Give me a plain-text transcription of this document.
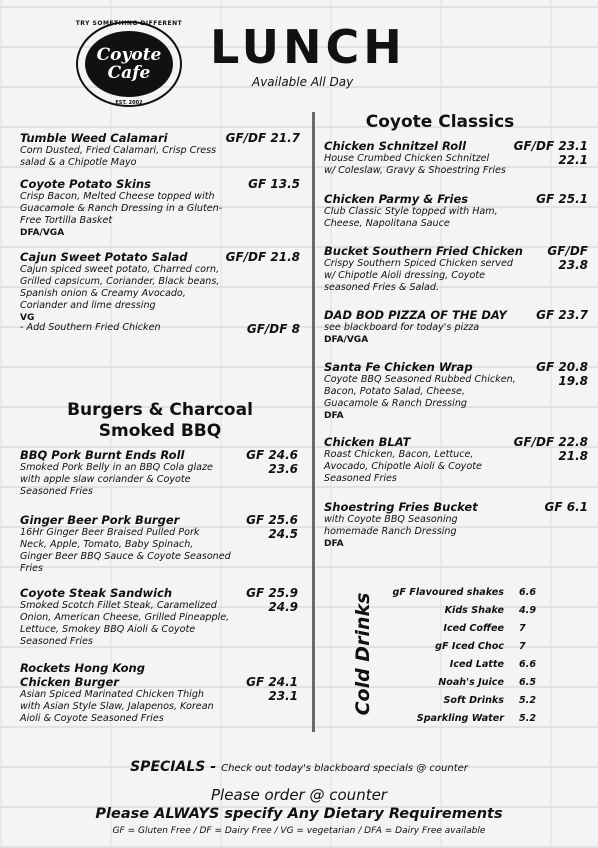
TRY SOMETHING DIFFERENT
Coyote
Cafe
EST. 2002
LUNCH
Available All Day
Tumble Weed Calamari
Corn Dusted, Fried Calamari, Crisp Cress
salad & a Chipotle Mayo
GF/DF 21.7
Coyote Potato Skins
Crisp Bacon, Melted Cheese topped with
Guacamole & Ranch Dressing in a Gluten-
Free Tortilla Basket
DFA/VGA
GF 13.5
Cajun Sweet Potato Salad
Cajun spiced sweet potato, Charred corn,
Grilled capsicum, Coriander, Black beans,
Spanish onion & Creamy Avocado,
Coriander and lime dressing
VG
GF/DF 21.8
- Add Southern Fried Chicken	GF/DF 8
Burgers & Charcoal
Smoked BBQ
BBQ Pork Burnt Ends Roll
Smoked Pork Belly in an BBQ Cola glaze
with apple slaw coriander & Coyote
Seasoned Fries
GF 24.6
23.6
Ginger Beer Pork Burger
16Hr Ginger Beer Braised Pulled Pork
Neck, Apple, Tomato, Baby Spinach,
Ginger Beer BBQ Sauce & Coyote Seasoned
Fries
GF 25.6
24.5
Coyote Steak Sandwich
Smoked Scotch Fillet Steak, Caramelized
Onion, American Cheese, Grilled Pineapple,
Lettuce, Smokey BBQ Aioli & Coyote
Seasoned Fries
GF 25.9
24.9
Rockets Hong Kong
Chicken Burger
Asian Spiced Marinated Chicken Thigh
with Asian Style Slaw, Jalapenos, Korean
Aioli & Coyote Seasoned Fries
GF 24.1
23.1
Coyote Classics
Chicken Schnitzel Roll
House Crumbed Chicken Schnitzel
w/ Coleslaw, Gravy & Shoestring Fries
GF/DF 23.1
22.1
Chicken Parmy & Fries
Club Classic Style topped with Ham,
Cheese, Napolitana Sauce
GF 25.1
Bucket Southern Fried Chicken
Crispy Southern Spiced Chicken served
w/ Chipotle Aioli dressing, Coyote
seasoned Fries & Salad.
GF/DF
23.8
DAD BOD PIZZA OF THE DAY
see blackboard for today's pizza
DFA/VGA
GF 23.7
Santa Fe Chicken Wrap
Coyote BBQ Seasoned Rubbed Chicken,
Bacon, Potato Salad, Cheese,
Guacamole & Ranch Dressing
DFA
GF 20.8
19.8
Chicken BLAT
Roast Chicken, Bacon, Lettuce,
Avocado, Chipotle Aioli & Coyote
Seasoned Fries
GF/DF 22.8
21.8
Shoestring Fries Bucket
with Coyote BBQ Seasoning
homemade Ranch Dressing
DFA
GF 6.1
Cold Drinks
gF Flavoured shakes 6.6
Kids Shake 4.9
Iced Coffee 7
gF Iced Choc 7
Iced Latte 6.6
Noah's Juice 6.5
Soft Drinks 5.2
Sparkling Water 5.2
SPECIALS - Check out today's blackboard specials @ counter
Please order @ counter
Please ALWAYS specify Any Dietary Requirements
GF = Gluten Free / DF = Dairy Free / VG = vegetarian / DFA = Dairy Free available
